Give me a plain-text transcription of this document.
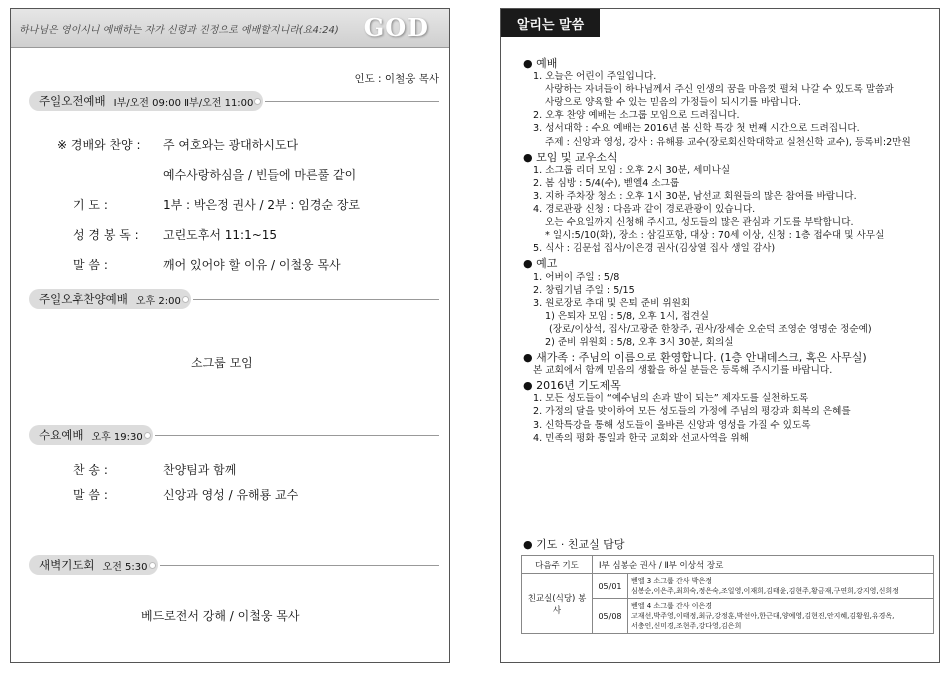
하나님은 영이시니 예배하는 자가 신령과 진정으로 예배할지니라(요4:24) GOD
인도 : 이철웅 목사
주일오전예배 Ⅰ부/오전 09:00 Ⅱ부/오전 11:00
※ 경배와 찬양 : 주 여호와는 광대하시도다
예수사랑하심을 / 빈들에 마른풀 같이
기 도 :	1부 : 박은정 권사 / 2부 : 임경순 장로
성 경 봉 독 : 고린도후서 11:1~15
말 씀 :	깨어 있어야 할 이유 / 이철웅 목사
주일오후찬양예배 오후 2:00
소그룹 모임
수요예배 오후 19:30
찬 송 :	찬양팀과 함께
말 씀 :	신앙과 영성 / 유해룡 교수
새벽기도회 오전 5:30
베드로전서 강해 / 이철웅 목사
알리는 말씀
● 예배
1. 오늘은 어린이 주일입니다.
사랑하는 자녀들이 하나님께서 주신 인생의 꿈을 마음껏 펼쳐 나갈 수 있도록 말씀과
사랑으로 양육할 수 있는 믿음의 가정들이 되시기를 바랍니다.
2. 오후 찬양 예배는 소그룹 모임으로 드려집니다.
3. 성서대학 : 수요 예배는 2016년 봄 신학 특강 첫 번째 시간으로 드려집니다.
주제 : 신앙과 영성, 강사 : 유해룡 교수(장로회신학대학교 실천신학 교수), 등록비:2만원
● 모임 및 교우소식
1. 소그룹 리더 모임 : 오후 2시 30분, 세미나실
2. 봄 심방 : 5/4(수), 벧엘4 소그룹
3. 지하 주차장 청소 : 오후 1시 30분, 남선교 회원들의 많은 참여를 바랍니다.
4. 경로관광 신청 : 다음과 같이 경로관광이 있습니다.
오는 수요일까지 신청해 주시고, 성도들의 많은 관심과 기도를 부탁합니다.
* 일시:5/10(화), 장소 : 삼길포항, 대상 : 70세 이상, 신청 : 1층 접수대 및 사무실
5. 식사 : 김문섭 집사/이은경 권사(김상열 집사 생일 감사)
● 예고
1. 어버이 주일 : 5/8
2. 창립기념 주일 : 5/15
3. 원로장로 추대 및 은퇴 준비 위원회
1) 은퇴자 모임 : 5/8, 오후 1시, 접견실
(장로/이상석, 집사/고광준 한창주, 권사/장세순 오순덕 조영순 영명순 정순예)
2) 준비 위원회 : 5/8, 오후 3시 30분, 회의실
● 새가족 : 주님의 이름으로 환영합니다. (1층 안내데스크, 혹은 사무실)
본 교회에서 함께 믿음의 생활을 하실 분들은 등록해 주시기를 바랍니다.
● 2016년 기도제목
1. 모든 성도들이 “예수님의 손과 발이 되는” 제자도를 실천하도록
2. 가정의 달을 맞이하여 모든 성도들의 가정에 주님의 평강과 회복의 은혜를
3. 신학특강을 통해 성도들이 올바른 신앙과 영성을 가질 수 있도록
4. 민족의 평화 통일과 한국 교회와 선교사역을 위해
● 기도 · 친교실 담당
다음주 기도	Ⅰ부 심봉순 권사 / Ⅱ부 이상석 장로	
친교실(식당) 봉사	05/01	벧엘 3 소그룹 간사 박은정
심봉순,이은주,최희숙,정은숙,조일영,이재희,김태윤,김현주,황금재,구연희,강지영,신희정

	05/08	벧엘 4 소그룹 간사 이은경
고재선,박주영,이태정,최규,강정훈,박선아,한근대,양예영,김현진,안지혜,김황원,유경옥,
서충인,신미경,조현주,강다영,김은희
